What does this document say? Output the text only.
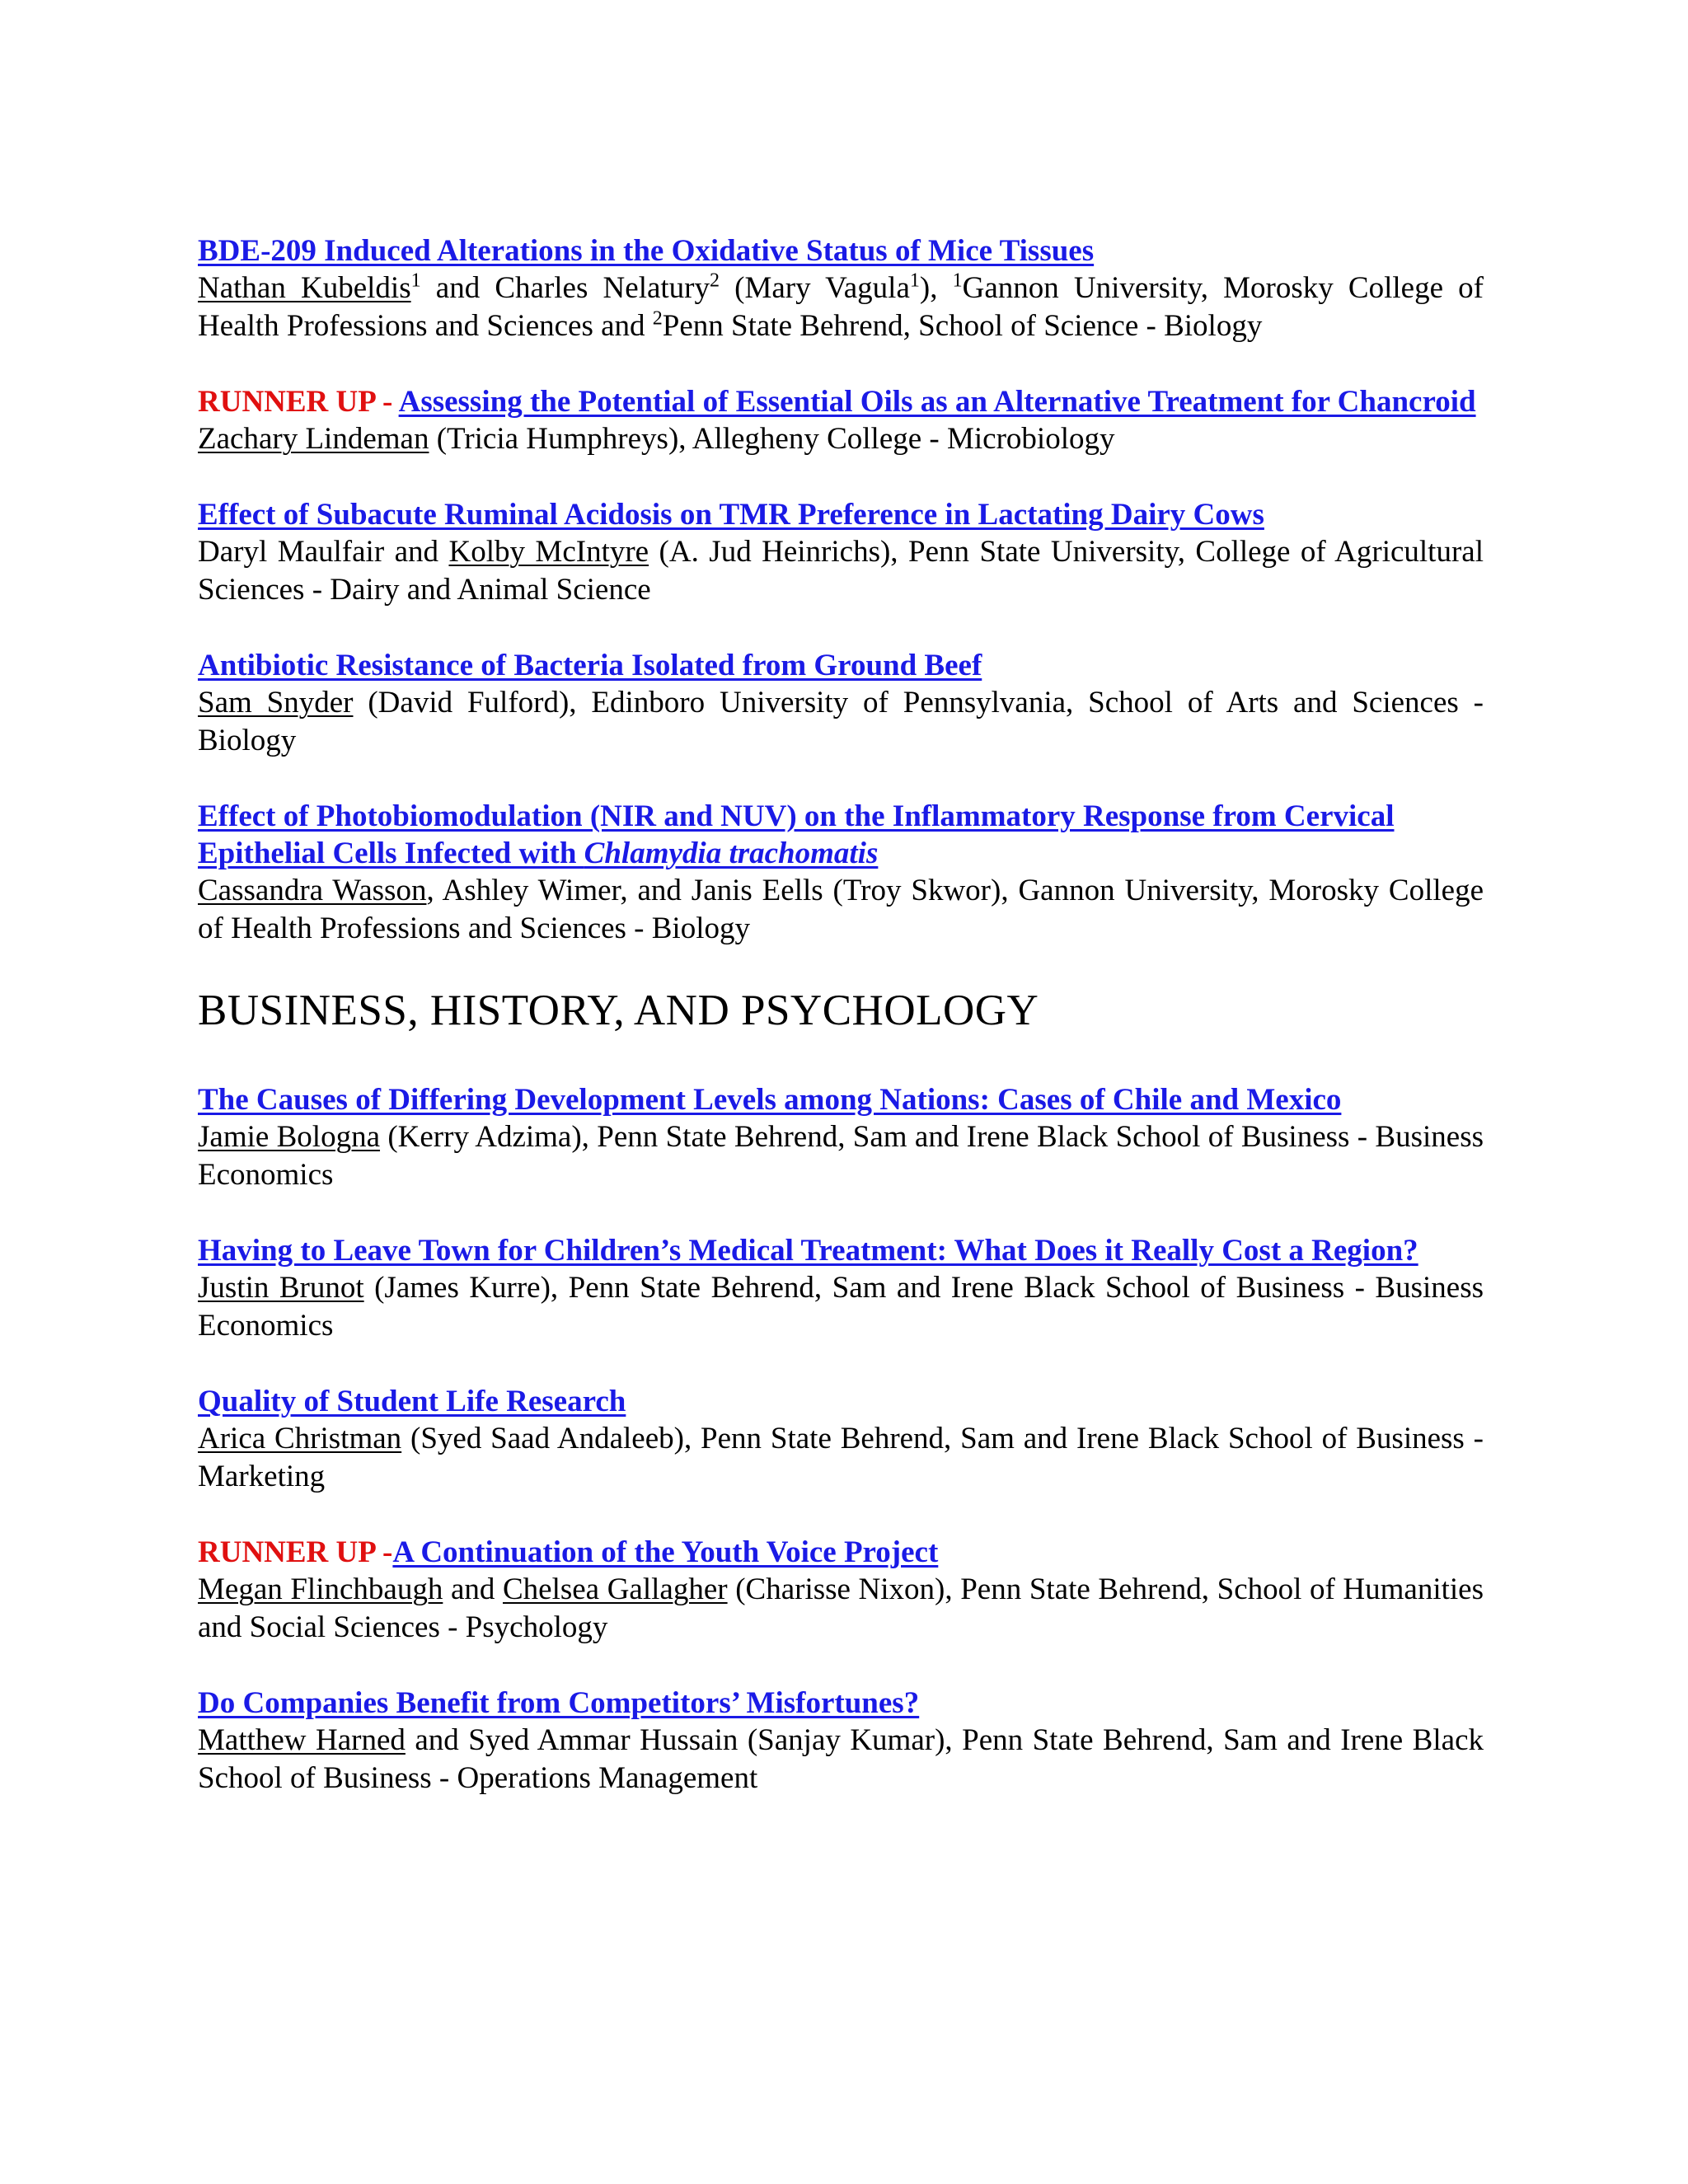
BDE-209 Induced Alterations in the Oxidative Status of Mice Tissues
Nathan Kubeldis$^1$ and Charles Nelatury$^2$ (Mary Vagula$^1$), $^1$Gannon University, Morosky College of Health Professions and Sciences and $^2$Penn State Behrend, School of Science - Biology
RUNNER UP - Assessing the Potential of Essential Oils as an Alternative Treatment for Chancroid
Zachary Lindeman (Tricia Humphreys), Allegheny College - Microbiology
Effect of Subacute Ruminal Acidosis on TMR Preference in Lactating Dairy Cows
Daryl Maulfair and Kolby McIntyre (A. Jud Heinrichs), Penn State University, College of Agricultural Sciences - Dairy and Animal Science
Antibiotic Resistance of Bacteria Isolated from Ground Beef
Sam Snyder (David Fulford), Edinboro University of Pennsylvania, School of Arts and Sciences - Biology
Effect of Photobiomodulation (NIR and NUV) on the Inflammatory Response from Cervical Epithelial Cells Infected with Chlamydia trachomatis
Cassandra Wasson, Ashley Wimer, and Janis Eells (Troy Skwor), Gannon University, Morosky College of Health Professions and Sciences - Biology
BUSINESS, HISTORY, AND PSYCHOLOGY
The Causes of Differing Development Levels among Nations: Cases of Chile and Mexico
Jamie Bologna (Kerry Adzima), Penn State Behrend, Sam and Irene Black School of Business - Business Economics
Having to Leave Town for Children’s Medical Treatment: What Does it Really Cost a Region?
Justin Brunot (James Kurre), Penn State Behrend, Sam and Irene Black School of Business - Business Economics
Quality of Student Life Research
Arica Christman (Syed Saad Andaleeb), Penn State Behrend, Sam and Irene Black School of Business - Marketing
RUNNER UP -A Continuation of the Youth Voice Project
Megan Flinchbaugh and Chelsea Gallagher (Charisse Nixon), Penn State Behrend, School of Humanities and Social Sciences - Psychology
Do Companies Benefit from Competitors’ Misfortunes?
Matthew Harned and Syed Ammar Hussain (Sanjay Kumar), Penn State Behrend, Sam and Irene Black School of Business - Operations Management
